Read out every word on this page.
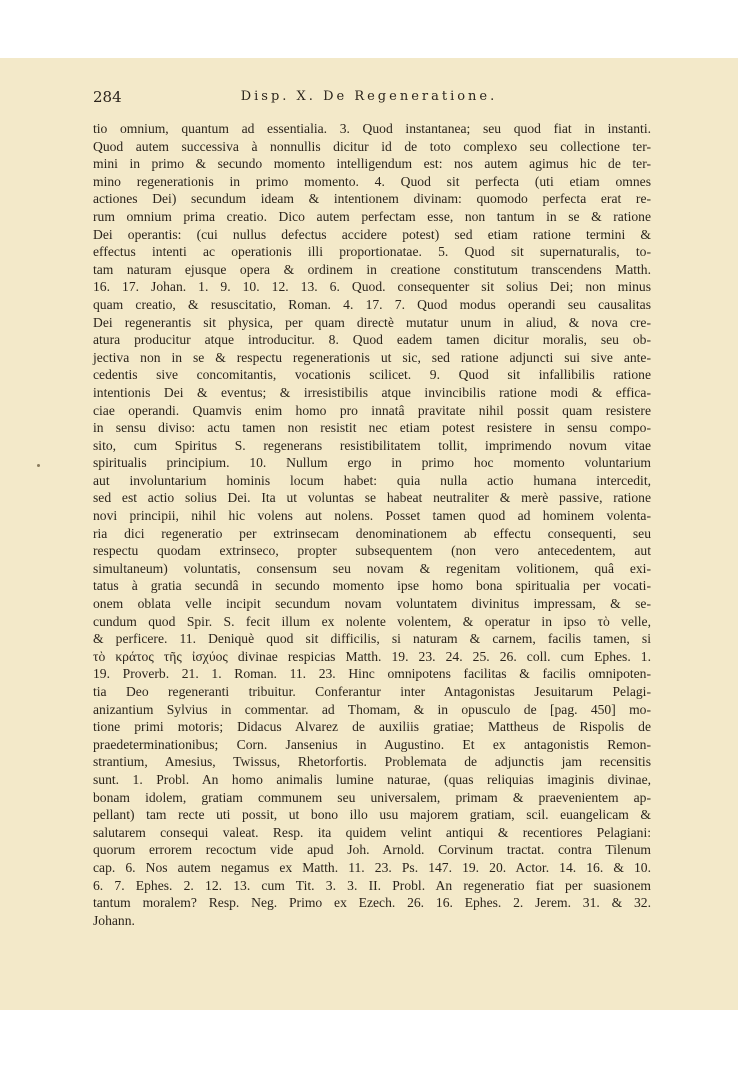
284	Disp. X. De Regeneratione.
tio omnium, quantum ad essentialia. 3. Quod instantanea; seu quod fiat in instanti.
Quod autem successiva à nonnullis dicitur id de toto complexo seu collectione ter-
mini in primo & secundo momento intelligendum est: nos autem agimus hic de ter-
mino regenerationis in primo momento. 4. Quod sit perfecta (uti etiam omnes
actiones Dei) secundum ideam & intentionem divinam: quomodo perfecta erat re-
rum omnium prima creatio. Dico autem perfectam esse, non tantum in se & ratione
Dei operantis: (cui nullus defectus accidere potest) sed etiam ratione termini &
effectus intenti ac operationis illi proportionatae. 5. Quod sit supernaturalis, to-
tam naturam ejusque opera & ordinem in creatione constitutum transcendens Matth.
16. 17. Johan. 1. 9. 10. 12. 13. 6. Quod. consequenter sit solius Dei; non minus
quam creatio, & resuscitatio, Roman. 4. 17. 7. Quod modus operandi seu causalitas
Dei regenerantis sit physica, per quam directè mutatur unum in aliud, & nova cre-
atura producitur atque introducitur. 8. Quod eadem tamen dicitur moralis, seu ob-
jectiva non in se & respectu regenerationis ut sic, sed ratione adjuncti sui sive ante-
cedentis sive concomitantis, vocationis scilicet. 9. Quod sit infallibilis ratione
intentionis Dei & eventus; & irresistibilis atque invincibilis ratione modi & effica-
ciae operandi. Quamvis enim homo pro innatâ pravitate nihil possit quam resistere
in sensu diviso: actu tamen non resistit nec etiam potest resistere in sensu compo-
sito, cum Spiritus S. regenerans resistibilitatem tollit, imprimendo novum vitae
spiritualis principium. 10. Nullum ergo in primo hoc momento voluntarium
aut involuntarium hominis locum habet: quia nulla actio humana intercedit,
sed est actio solius Dei. Ita ut voluntas se habeat neutraliter & merè passive, ratione
novi principii, nihil hic volens aut nolens. Posset tamen quod ad hominem volenta-
ria dici regeneratio per extrinsecam denominationem ab effectu consequenti, seu
respectu quodam extrinseco, propter subsequentem (non vero antecedentem, aut
simultaneum) voluntatis, consensum seu novam & regenitam volitionem, quâ exi-
tatus à gratia secundâ in secundo momento ipse homo bona spiritualia per vocati-
onem oblata velle incipit secundum novam voluntatem divinitus impressam, & se-
cundum quod Spir. S. fecit illum ex nolente volentem, & operatur in ipso τὸ velle,
& perficere. 11. Deniquè quod sit difficilis, si naturam & carnem, facilis tamen, si
τὸ κράτος τῆς ἰσχύος divinae respicias Matth. 19. 23. 24. 25. 26. coll. cum Ephes. 1.
19. Proverb. 21. 1. Roman. 11. 23. Hinc omnipotens facilitas & facilis omnipoten-
tia Deo regeneranti tribuitur. Conferantur inter Antagonistas Jesuitarum Pelagi-
anizantium Sylvius in commentar. ad Thomam, & in opusculo de [pag. 450] mo-
tione primi motoris; Didacus Alvarez de auxiliis gratiae; Mattheus de Rispolis de
praedeterminationibus; Corn. Jansenius in Augustino. Et ex antagonistis Remon-
strantium, Amesius, Twissus, Rhetorfortis. Problemata de adjunctis jam recensitis
sunt. 1. Probl. An homo animalis lumine naturae, (quas reliquias imaginis divinae,
bonam idolem, gratiam communem seu universalem, primam & praevenientem ap-
pellant) tam recte uti possit, ut bono illo usu majorem gratiam, scil. euangelicam &
salutarem consequi valeat. Resp. ita quidem velint antiqui & recentiores Pelagiani:
quorum errorem recoctum vide apud Joh. Arnold. Corvinum tractat. contra Tilenum
cap. 6. Nos autem negamus ex Matth. 11. 23. Ps. 147. 19. 20. Actor. 14. 16. & 10.
6. 7. Ephes. 2. 12. 13. cum Tit. 3. 3. II. Probl. An regeneratio fiat per suasionem
tantum moralem? Resp. Neg. Primo ex Ezech. 26. 16. Ephes. 2. Jerem. 31. & 32.
Johann.
